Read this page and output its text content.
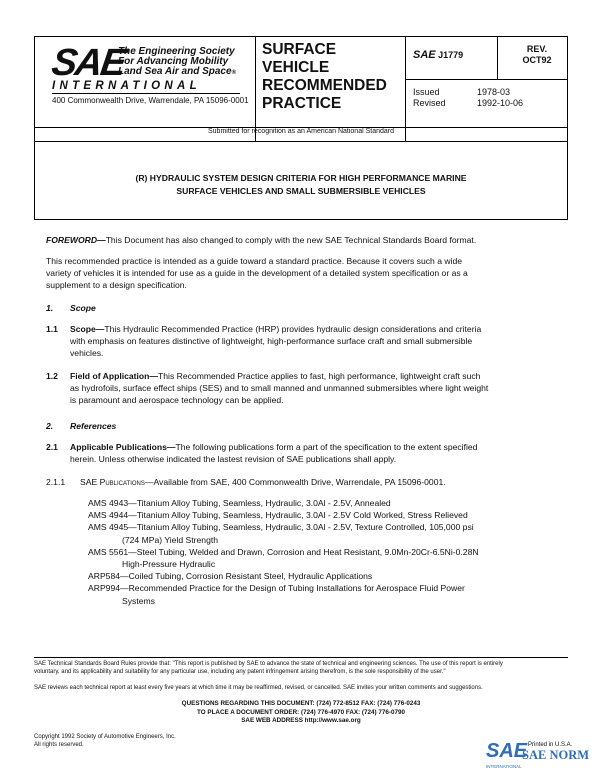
SAE
The Engineering Society
For Advancing Mobility
Land Sea Air and Space®
INTERNATIONAL
400 Commonwealth Drive, Warrendale, PA 15096-0001
SURFACE
VEHICLE
RECOMMENDED
PRACTICE
SAE J1779
REV.
OCT92
Issued	1978-03
Revised	1992-10-06
Submitted for recognition as an American National Standard
(R) HYDRAULIC SYSTEM DESIGN CRITERIA FOR HIGH PERFORMANCE MARINE
SURFACE VEHICLES AND SMALL SUBMERSIBLE VEHICLES
FOREWORD—This Document has also changed to comply with the new SAE Technical Standards Board format.
This recommended practice is intended as a guide toward a standard practice. Because it covers such a wide
variety of vehicles it is intended for use as a guide in the development of a detailed system specification or as a
supplement to a design specification.
1. Scope
1.1 Scope—This Hydraulic Recommended Practice (HRP) provides hydraulic design considerations and criteria
with emphasis on features distinctive of lightweight, high-performance surface craft and small submersible
vehicles.
1.2 Field of Application—This Recommended Practice applies to fast, high performance, lightweight craft such
as hydrofoils, surface effect ships (SES) and to small manned and unmanned submersibles where light weight
is paramount and aerospace technology can be applied.
2. References
2.1 Applicable Publications—The following publications form a part of the specification to the extent specified
herein. Unless otherwise indicated the lastest revision of SAE publications shall apply.
2.1.1 SAE Publications—Available from SAE, 400 Commonwealth Drive, Warrendale, PA 15096-0001.
AMS 4943—Titanium Alloy Tubing, Seamless, Hydraulic, 3.0Al - 2.5V, Annealed
AMS 4944—Titanium Alloy Tubing, Seamless, Hydraulic, 3.0Al - 2.5V Cold Worked, Stress Relieved
AMS 4945—Titanium Alloy Tubing, Seamless, Hydraulic, 3.0Al - 2.5V, Texture Controlled, 105,000 psi
(724 MPa) Yield Strength
AMS 5561—Steel Tubing, Welded and Drawn, Corrosion and Heat Resistant, 9.0Mn-20Cr-6.5Ni-0.28N
High-Pressure Hydraulic
ARP584—Coiled Tubing, Corrosion Resistant Steel, Hydraulic Applications
ARP994—Recommended Practice for the Design of Tubing Installations for Aerospace Fluid Power
Systems
SAE Technical Standards Board Rules provide that: "This report is published by SAE to advance the state of technical and engineering sciences. The use of this report is entirely
voluntary, and its applicability and suitability for any particular use, including any patent infringement arising therefrom, is the sole responsibility of the user."
SAE reviews each technical report at least every five years at which time it may be reaffirmed, revised, or cancelled. SAE invites your written comments and suggestions.
QUESTIONS REGARDING THIS DOCUMENT: (724) 772-8512 FAX: (724) 776-0243
TO PLACE A DOCUMENT ORDER: (724) 776-4970 FAX: (724) 776-0790
SAE WEB ADDRESS http://www.sae.org
Copyright 1992 Society of Automotive Engineers, Inc.
All rights reserved.	Printed in U.S.A.
SAE
SAE NORM
INTERNATIONAL
